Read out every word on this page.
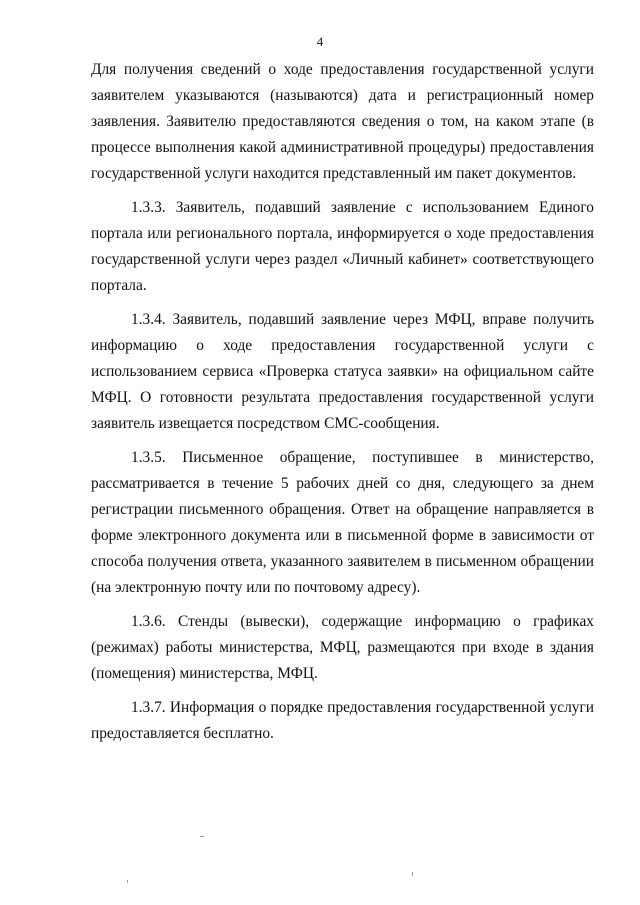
4

Для получения сведений о ходе предоставления государственной услуги заявителем указываются (называются) дата и регистрационный номер заявления. Заявителю предоставляются сведения о том, на каком этапе (в процессе выполнения какой административной процедуры) предоставления государственной услуги находится представленный им пакет документов.

1.3.3. Заявитель, подавший заявление с использованием Единого портала или регионального портала, информируется о ходе предоставления государственной услуги через раздел «Личный кабинет» соответствующего портала.

1.3.4. Заявитель, подавший заявление через МФЦ, вправе получить информацию о ходе предоставления государственной услуги с использованием сервиса «Проверка статуса заявки» на официальном сайте МФЦ. О готовности результата предоставления государственной услуги заявитель извещается посредством СМС-сообщения.

1.3.5. Письменное обращение, поступившее в министерство, рассматривается в течение 5 рабочих дней со дня, следующего за днем регистрации письменного обращения. Ответ на обращение направляется в форме электронного документа или в письменной форме в зависимости от способа получения ответа, указанного заявителем в письменном обращении (на электронную почту или по почтовому адресу).

1.3.6. Стенды (вывески), содержащие информацию о графиках (режимах) работы министерства, МФЦ, размещаются при входе в здания (помещения) министерства, МФЦ.

1.3.7. Информация о порядке предоставления государственной услуги предоставляется бесплатно.
